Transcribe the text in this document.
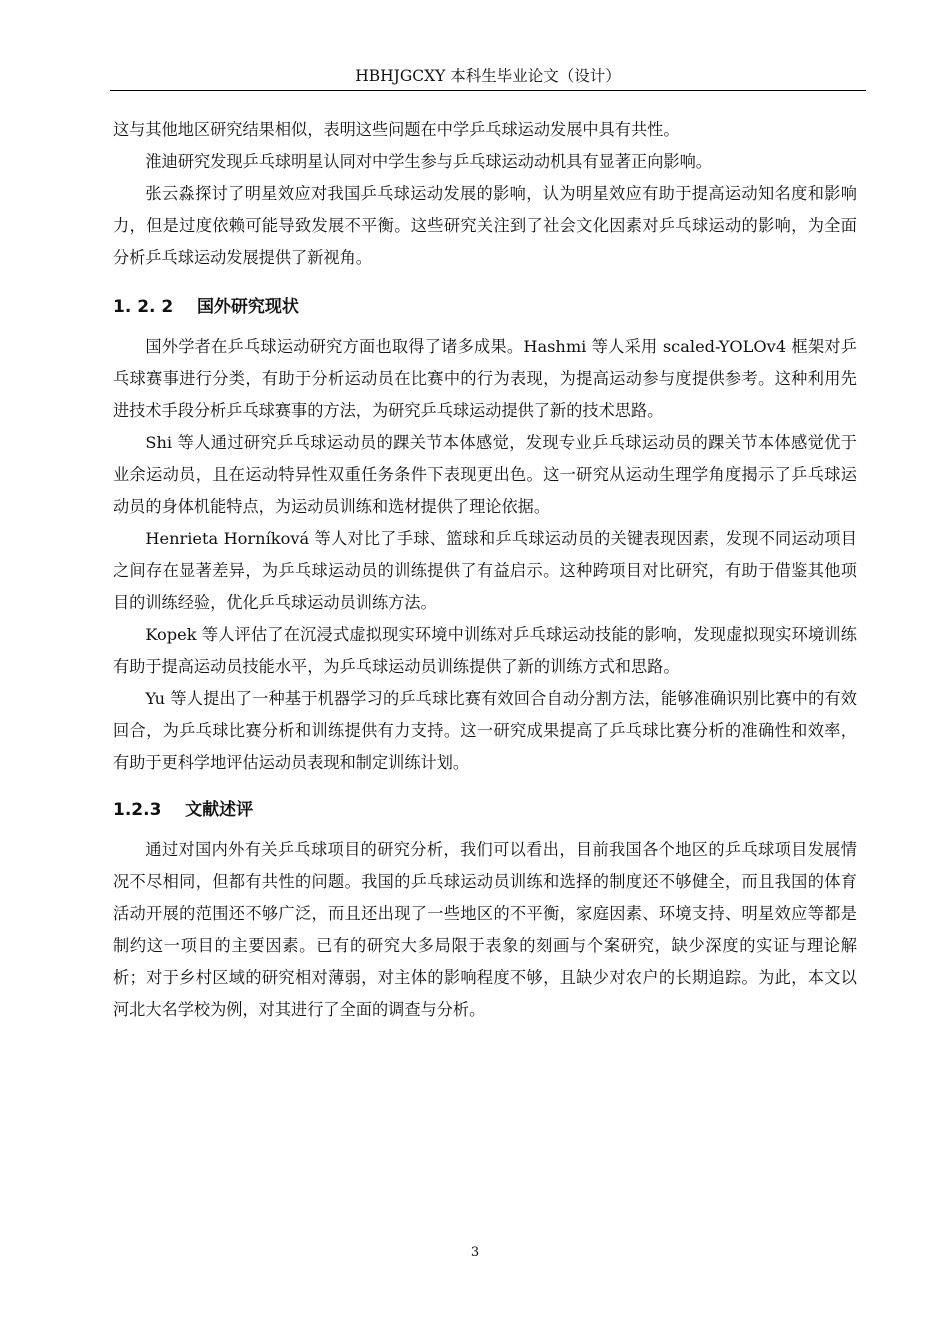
HBHJGCXY 本科生毕业论文（设计）

这与其他地区研究结果相似，表明这些问题在中学乒乓球运动发展中具有共性。

淮迪研究发现乒乓球明星认同对中学生参与乒乓球运动动机具有显著正向影响。

张云淼探讨了明星效应对我国乒乓球运动发展的影响，认为明星效应有助于提高运动知名度和影响力，但是过度依赖可能导致发展不平衡。这些研究关注到了社会文化因素对乒乓球运动的影响，为全面分析乒乓球运动发展提供了新视角。

1. 2. 2 国外研究现状

国外学者在乒乓球运动研究方面也取得了诸多成果。Hashmi 等人采用 scaled-YOLOv4 框架对乒乓球赛事进行分类，有助于分析运动员在比赛中的行为表现，为提高运动参与度提供参考。这种利用先进技术手段分析乒乓球赛事的方法，为研究乒乓球运动提供了新的技术思路。

Shi 等人通过研究乒乓球运动员的踝关节本体感觉，发现专业乒乓球运动员的踝关节本体感觉优于业余运动员，且在运动特异性双重任务条件下表现更出色。这一研究从运动生理学角度揭示了乒乓球运动员的身体机能特点，为运动员训练和选材提供了理论依据。

Henrieta Horníková 等人对比了手球、篮球和乒乓球运动员的关键表现因素，发现不同运动项目之间存在显著差异，为乒乓球运动员的训练提供了有益启示。这种跨项目对比研究，有助于借鉴其他项目的训练经验，优化乒乓球运动员训练方法。

Kopek 等人评估了在沉浸式虚拟现实环境中训练对乒乓球运动技能的影响，发现虚拟现实环境训练有助于提高运动员技能水平，为乒乓球运动员训练提供了新的训练方式和思路。

Yu 等人提出了一种基于机器学习的乒乓球比赛有效回合自动分割方法，能够准确识别比赛中的有效回合，为乒乓球比赛分析和训练提供有力支持。这一研究成果提高了乒乓球比赛分析的准确性和效率，有助于更科学地评估运动员表现和制定训练计划。

1.2.3 文献述评

通过对国内外有关乒乓球项目的研究分析，我们可以看出，目前我国各个地区的乒乓球项目发展情况不尽相同，但都有共性的问题。我国的乒乓球运动员训练和选择的制度还不够健全，而且我国的体育活动开展的范围还不够广泛，而且还出现了一些地区的不平衡，家庭因素、环境支持、明星效应等都是制约这一项目的主要因素。已有的研究大多局限于表象的刻画与个案研究，缺少深度的实证与理论解析；对于乡村区域的研究相对薄弱，对主体的影响程度不够，且缺少对农户的长期追踪。为此，本文以河北大名学校为例，对其进行了全面的调查与分析。

3
